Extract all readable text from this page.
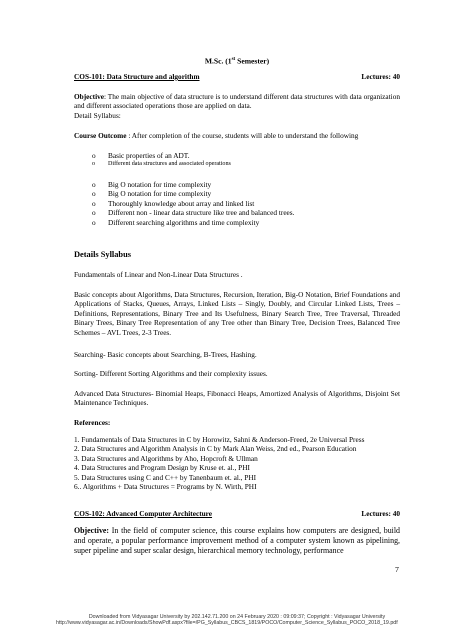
M.Sc. (1st Semester)
COS-101: Data Structure and algorithm	Lectures: 40
Objective: The main objective of data structure is to understand different data structures with data organization and different associated operations those are applied on data.
Detail Syllabus:
Course Outcome : After completion of the course, students will able to understand the following
o Basic properties of an ADT.
o Different data structures and associated operations
o Big O notation for time complexity
o Big O notation for time complexity
o Thoroughly knowledge about array and linked list
o Different non - linear data structure like tree and balanced trees.
o Different searching algorithms and time complexity
Details Syllabus
Fundamentals of Linear and Non-Linear Data Structures .
Basic concepts about Algorithms, Data Structures, Recursion, Iteration, Big-O Notation, Brief Foundations and Applications of Stacks, Queues, Arrays, Linked Lists – Singly, Doubly, and Circular Linked Lists, Trees – Definitions, Representations, Binary Tree and Its Usefulness, Binary Search Tree, Tree Traversal, Threaded Binary Trees, Binary Tree Representation of any Tree other than Binary Tree, Decision Trees, Balanced Tree Schemes – AVL Trees, 2-3 Trees.
Searching- Basic concepts about Searching, B-Trees, Hashing.
Sorting- Different Sorting Algorithms and their complexity issues.
Advanced Data Structures- Binomial Heaps, Fibonacci Heaps, Amortized Analysis of Algorithms, Disjoint Set Maintenance Techniques.
References:
1. Fundamentals of Data Structures in C by Horowitz, Sahni & Anderson-Freed, 2e Universal Press
2. Data Structures and Algorithm Analysis in C by Mark Alan Weiss, 2nd ed., Pearson Education
3. Data Structures and Algorithms by Aho, Hopcroft & Ullman
4. Data Structures and Program Design by Kruse et. al., PHI
5. Data Structures using C and C++ by Tanenbaum et. al., PHI
6.. Algorithms + Data Structures = Programs by N. Wirth, PHI
COS-102: Advanced Computer Architecture	Lectures: 40
Objective: In the field of computer science, this course explains how computers are designed, build and operate, a popular performance improvement method of a computer system known as pipelining, super pipeline and super scalar design, hierarchical memory technology, performance
7
Downloaded from Vidyasagar University by 202.142.71.200 on 24 February 2020 : 09:09:37; Copyright : Vidyasagar University
http://www.vidyasagar.ac.in/Downloads/ShowPdf.aspx?file=/PG_Syllabus_CBCS_1819/POCO/Computer_Science_Syllabus_POCO_2018_19.pdf
